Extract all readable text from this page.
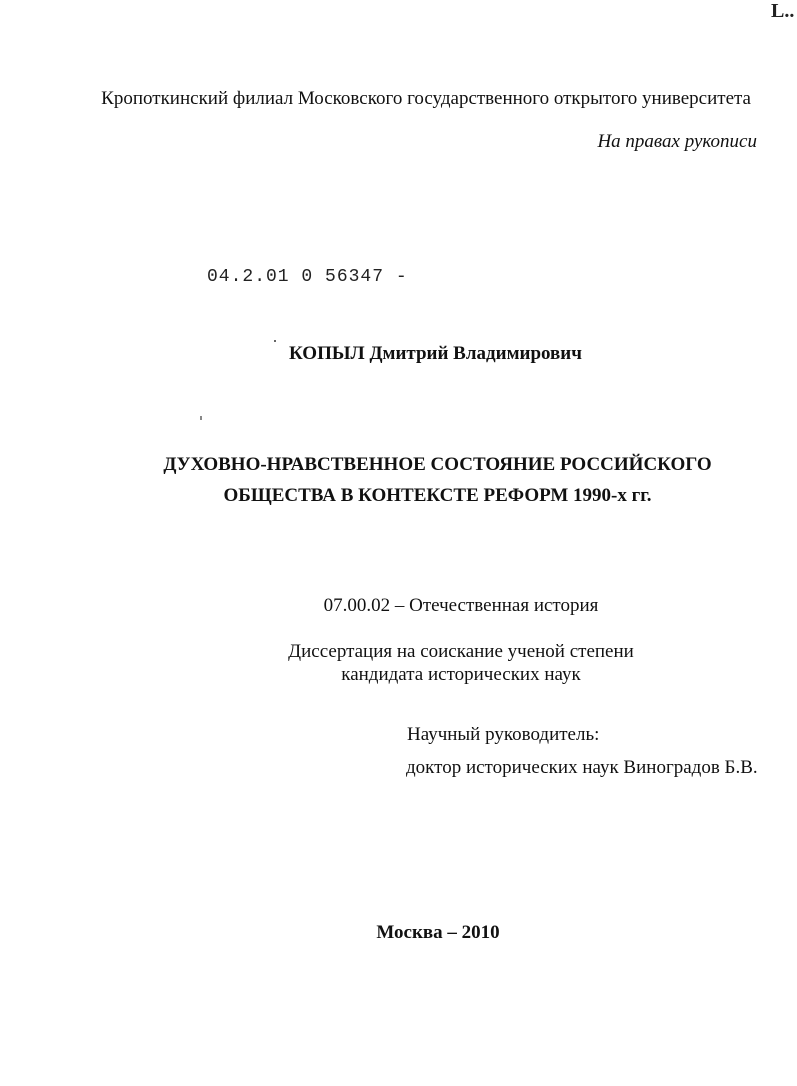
L..
Кропоткинский филиал Московского государственного открытого университета
На правах рукописи
04.2.01 0 56347 -
КОПЫЛ Дмитрий Владимирович
ДУХОВНО-НРАВСТВЕННОЕ СОСТОЯНИЕ РОССИЙСКОГО
ОБЩЕСТВА В КОНТЕКСТЕ РЕФОРМ 1990-х гг.
07.00.02 – Отечественная история
Диссертация на соискание ученой степени
кандидата исторических наук
Научный руководитель:
доктор исторических наук Виноградов Б.В.
Москва – 2010
